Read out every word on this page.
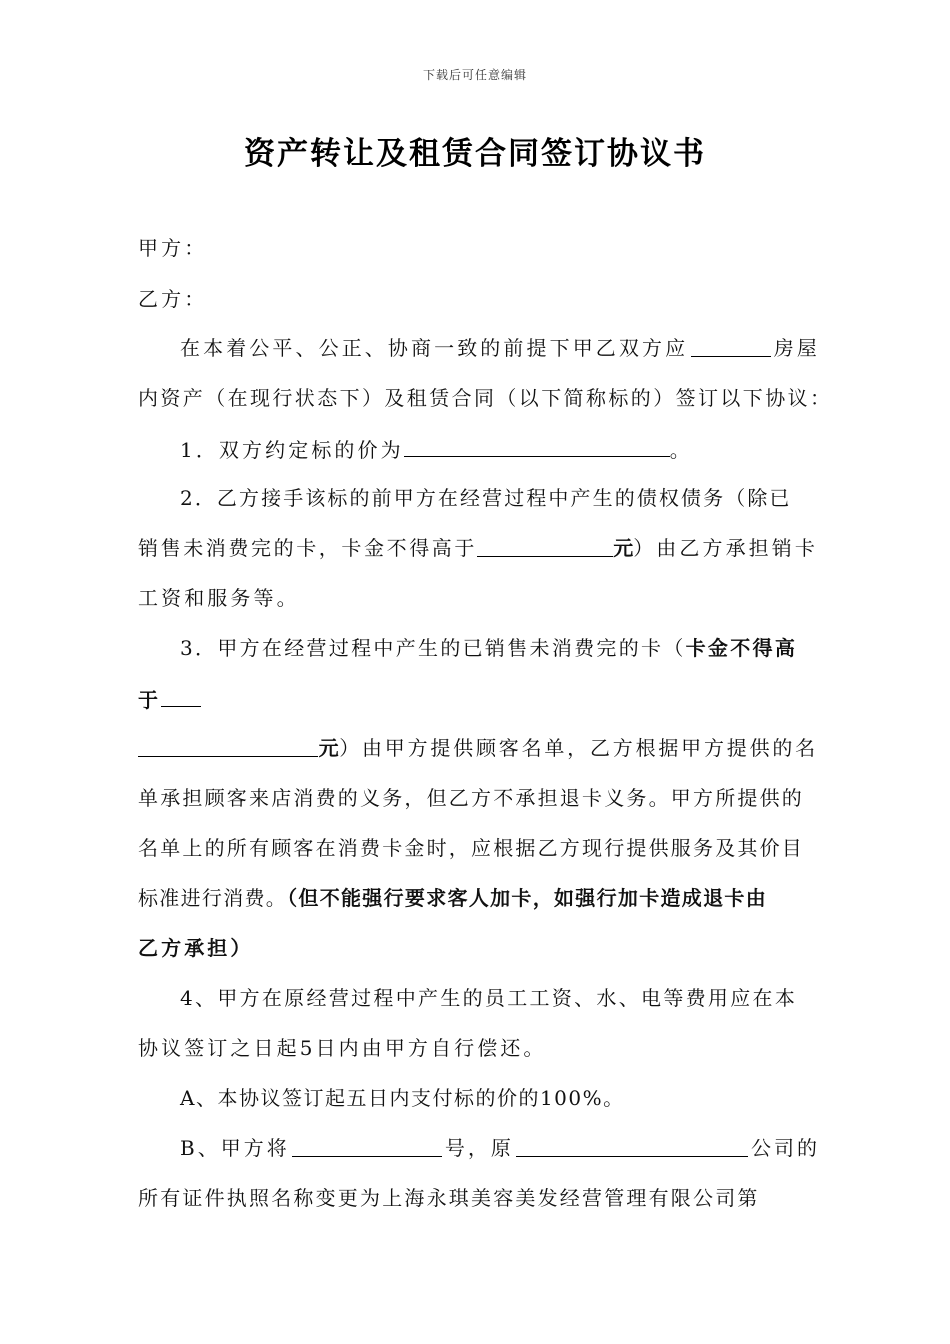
下载后可任意编辑
资产转让及租赁合同签订协议书
甲方：
乙方：
在本着公平、公正、协商一致的前提下甲乙双方应	房屋
内资产（在现行状态下）及租赁合同（以下简称标的）签订以下协议：
1．双方约定标的价为	。
2．乙方接手该标的前甲方在经营过程中产生的债权债务（除已
销售未消费完的卡，卡金不得高于	元 ）由乙方承担销卡
工资和服务等。
3．甲方在经营过程中产生的已销售未消费完的卡（卡金不得高
于
元 ）由甲方提供顾客名单，乙方根据甲方提供的名
单承担顾客来店消费的义务，但乙方不承担退卡义务。甲方所提供的
名单上的所有顾客在消费卡金时，应根据乙方现行提供服务及其价目
标准进行消费。（但不能强行要求客人加卡，如强行加卡造成退卡由
乙方承担）
4、甲方在原经营过程中产生的员工工资、水、电等费用应在本
协议签订之日起5日内由甲方自行偿还。
A、本协议签订起五日内支付标的价的100%。
B、甲方将	号，原	公司的
所有证件执照名称变更为上海永琪美容美发经营管理有限公司第
